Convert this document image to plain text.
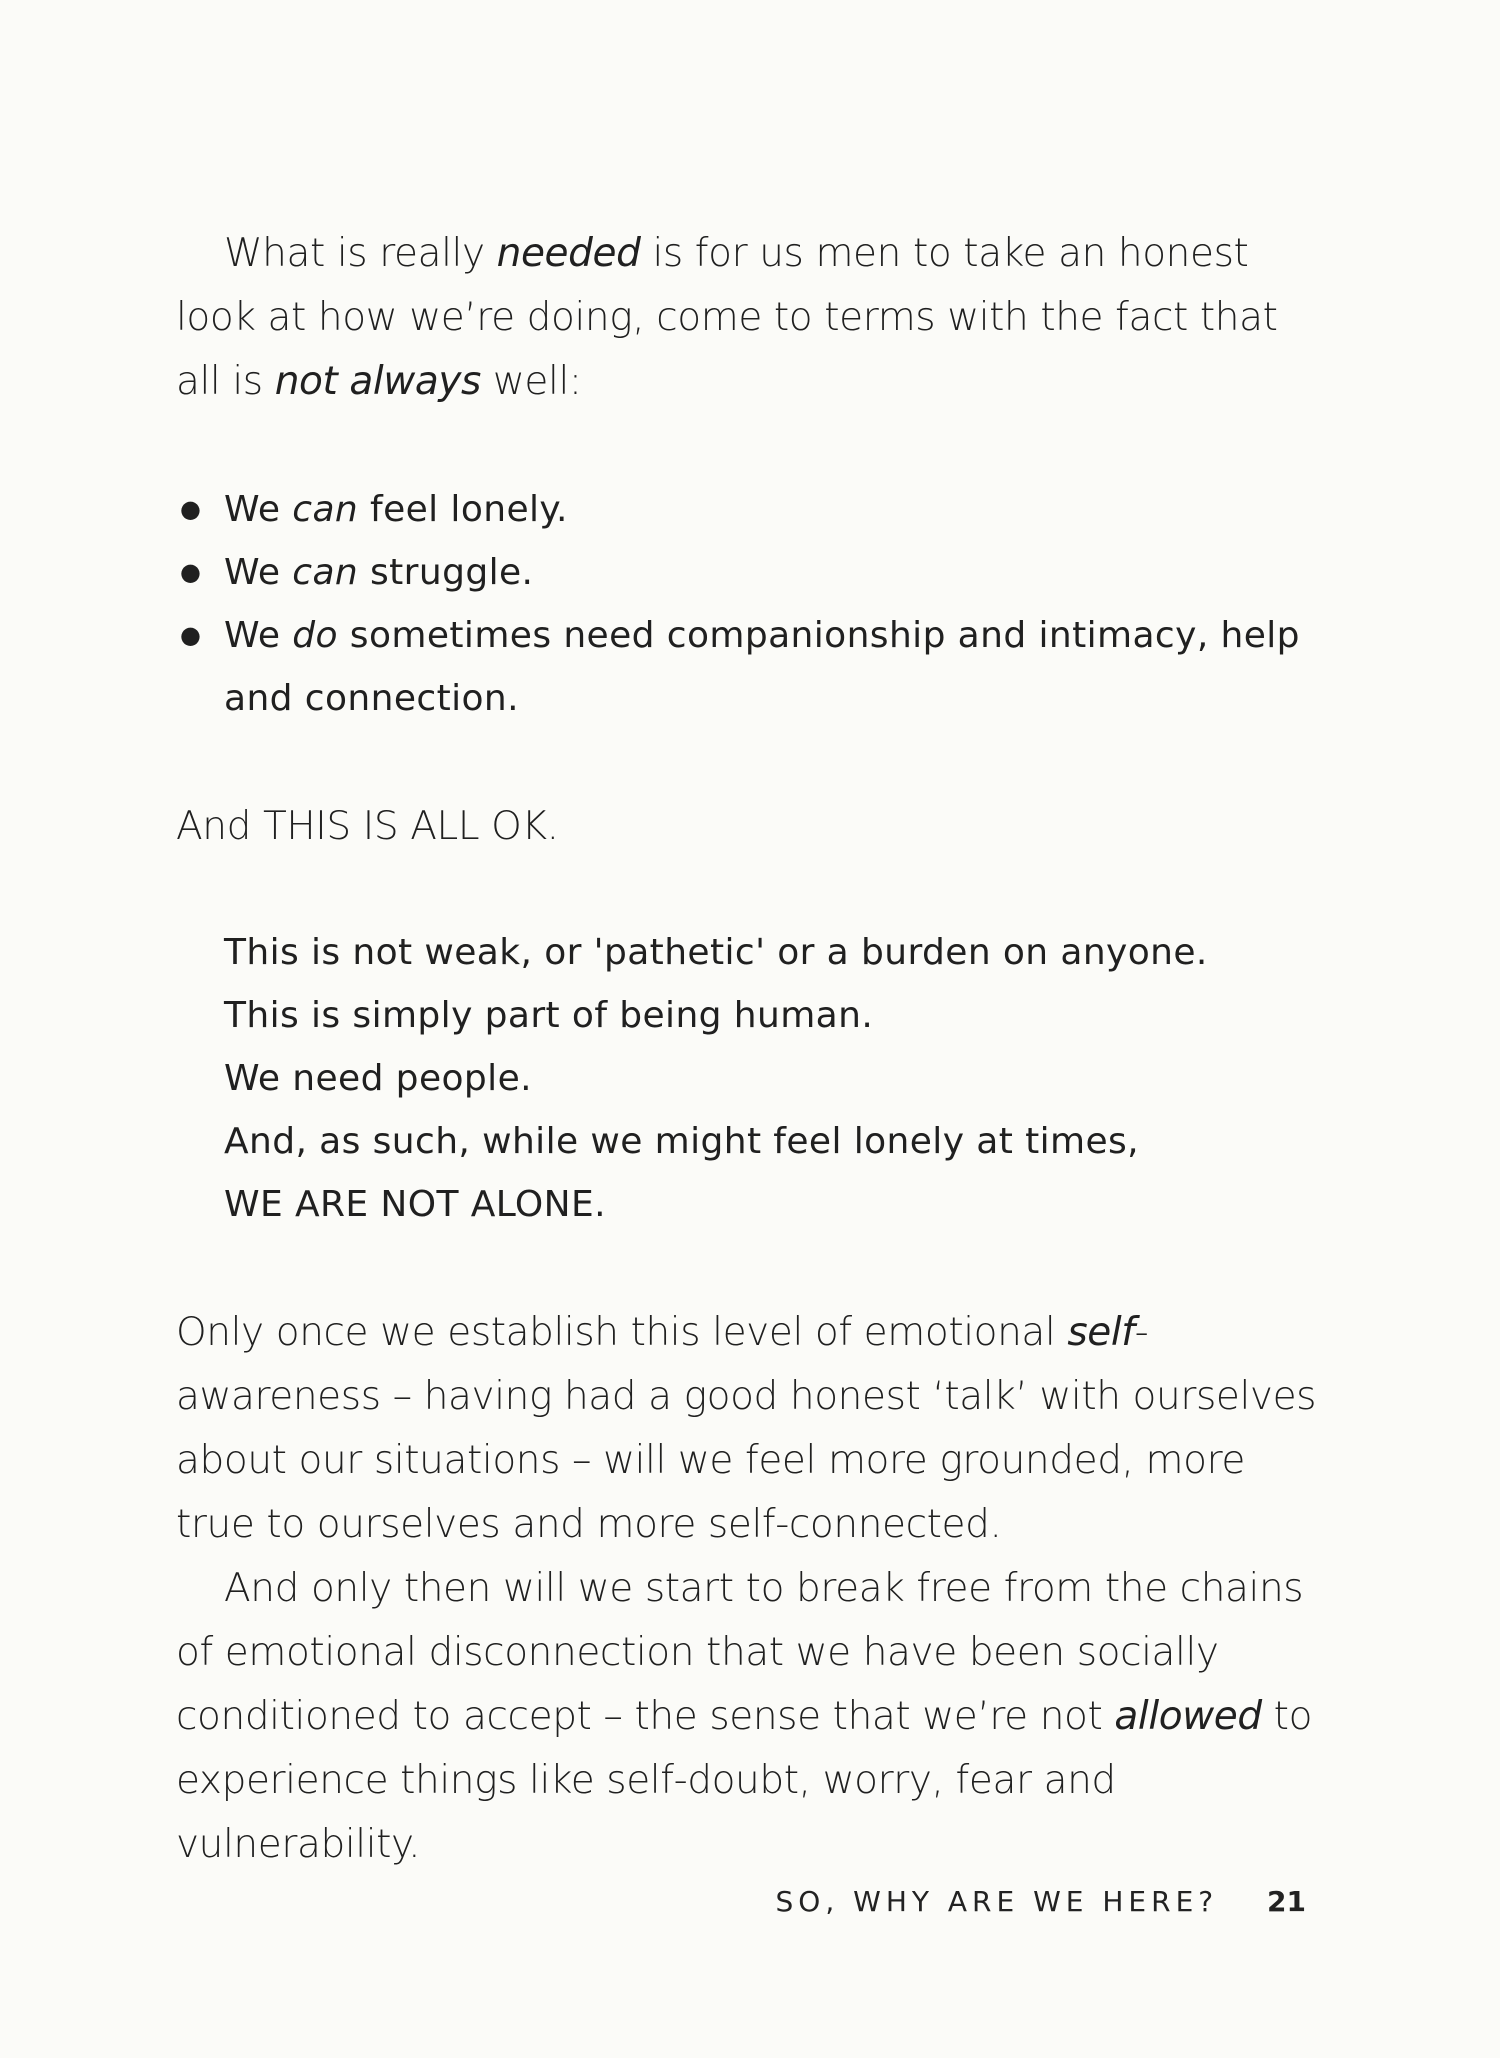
What is really needed is for us men to take an honest look at how we’re doing, come to terms with the fact that all is not always well:

● We can feel lonely.
● We can struggle.
● We do sometimes need companionship and intimacy, help and connection.

And THIS IS ALL OK.

This is not weak, or 'pathetic' or a burden on anyone.
This is simply part of being human.
We need people.
And, as such, while we might feel lonely at times,
WE ARE NOT ALONE.

Only once we establish this level of emotional self-awareness – having had a good honest ‘talk’ with ourselves about our situations – will we feel more grounded, more true to ourselves and more self-connected.

And only then will we start to break free from the chains of emotional disconnection that we have been socially conditioned to accept – the sense that we’re not allowed to experience things like self-doubt, worry, fear and vulnerability.

SO, WHY ARE WE HERE? 21
